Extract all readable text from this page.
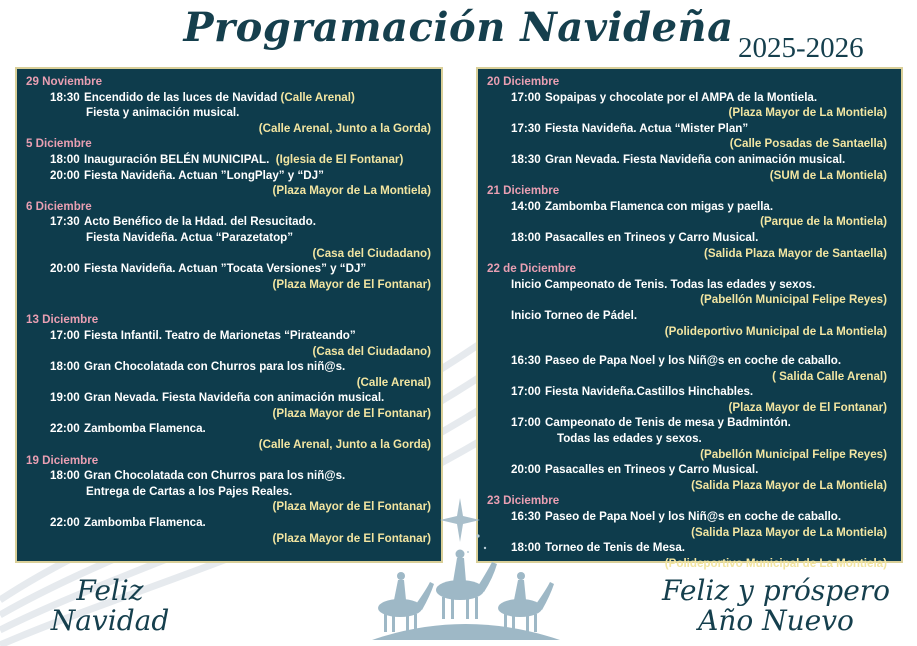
Programación Navideña 2025-2026
29 Noviembre
18:30 Encendido de las luces de Navidad (Calle Arenal)
Fiesta y animación musical.
(Calle Arenal, Junto a la Gorda)
5 Diciembre
18:00 Inauguración BELÉN MUNICIPAL. (Iglesia de El Fontanar)
20:00 Fiesta Navideña. Actuan ”LongPlay” y “DJ”
(Plaza Mayor de La Montiela)
6 Diciembre
17:30 Acto Benéfico de la Hdad. del Resucitado.
Fiesta Navideña. Actua “Parazetatop”
(Casa del Ciudadano)
20:00 Fiesta Navideña. Actuan ”Tocata Versiones” y “DJ”
(Plaza Mayor de El Fontanar)
13 Diciembre
17:00 Fiesta Infantil. Teatro de Marionetas “Pirateando”
(Casa del Ciudadano)
18:00 Gran Chocolatada con Churros para los niñ@s.
(Calle Arenal)
19:00 Gran Nevada. Fiesta Navideña con animación musical.
(Plaza Mayor de El Fontanar)
22:00 Zambomba Flamenca.
(Calle Arenal, Junto a la Gorda)
19 Diciembre
18:00 Gran Chocolatada con Churros para los niñ@s.
Entrega de Cartas a los Pajes Reales.
(Plaza Mayor de El Fontanar)
22:00 Zambomba Flamenca.
(Plaza Mayor de El Fontanar)
20 Diciembre
17:00 Sopaipas y chocolate por el AMPA de la Montiela.
(Plaza Mayor de La Montiela)
17:30 Fiesta Navideña. Actua “Mister Plan”
(Calle Posadas de Santaella)
18:30 Gran Nevada. Fiesta Navideña con animación musical.
(SUM de La Montiela)
21 Diciembre
14:00 Zambomba Flamenca con migas y paella.
(Parque de la Montiela)
18:00 Pasacalles en Trineos y Carro Musical.
(Salida Plaza Mayor de Santaella)
22 de Diciembre
Inicio Campeonato de Tenis. Todas las edades y sexos.
(Pabellón Municipal Felipe Reyes)
Inicio Torneo de Pádel.
(Polideportivo Municipal de La Montiela)
16:30 Paseo de Papa Noel y los Niñ@s en coche de caballo.
( Salida Calle Arenal)
17:00 Fiesta Navideña.Castillos Hinchables.
(Plaza Mayor de El Fontanar)
17:00 Campeonato de Tenis de mesa y Badmintón.
Todas las edades y sexos.
(Pabellón Municipal Felipe Reyes)
20:00 Pasacalles en Trineos y Carro Musical.
(Salida Plaza Mayor de La Montiela)
23 Diciembre
16:30 Paseo de Papa Noel y los Niñ@s en coche de caballo.
(Salida Plaza Mayor de La Montiela)
18:00 Torneo de Tenis de Mesa.
(Polideportivo Municipal de La Montiela)
Feliz
Navidad
Feliz y próspero
Año Nuevo
